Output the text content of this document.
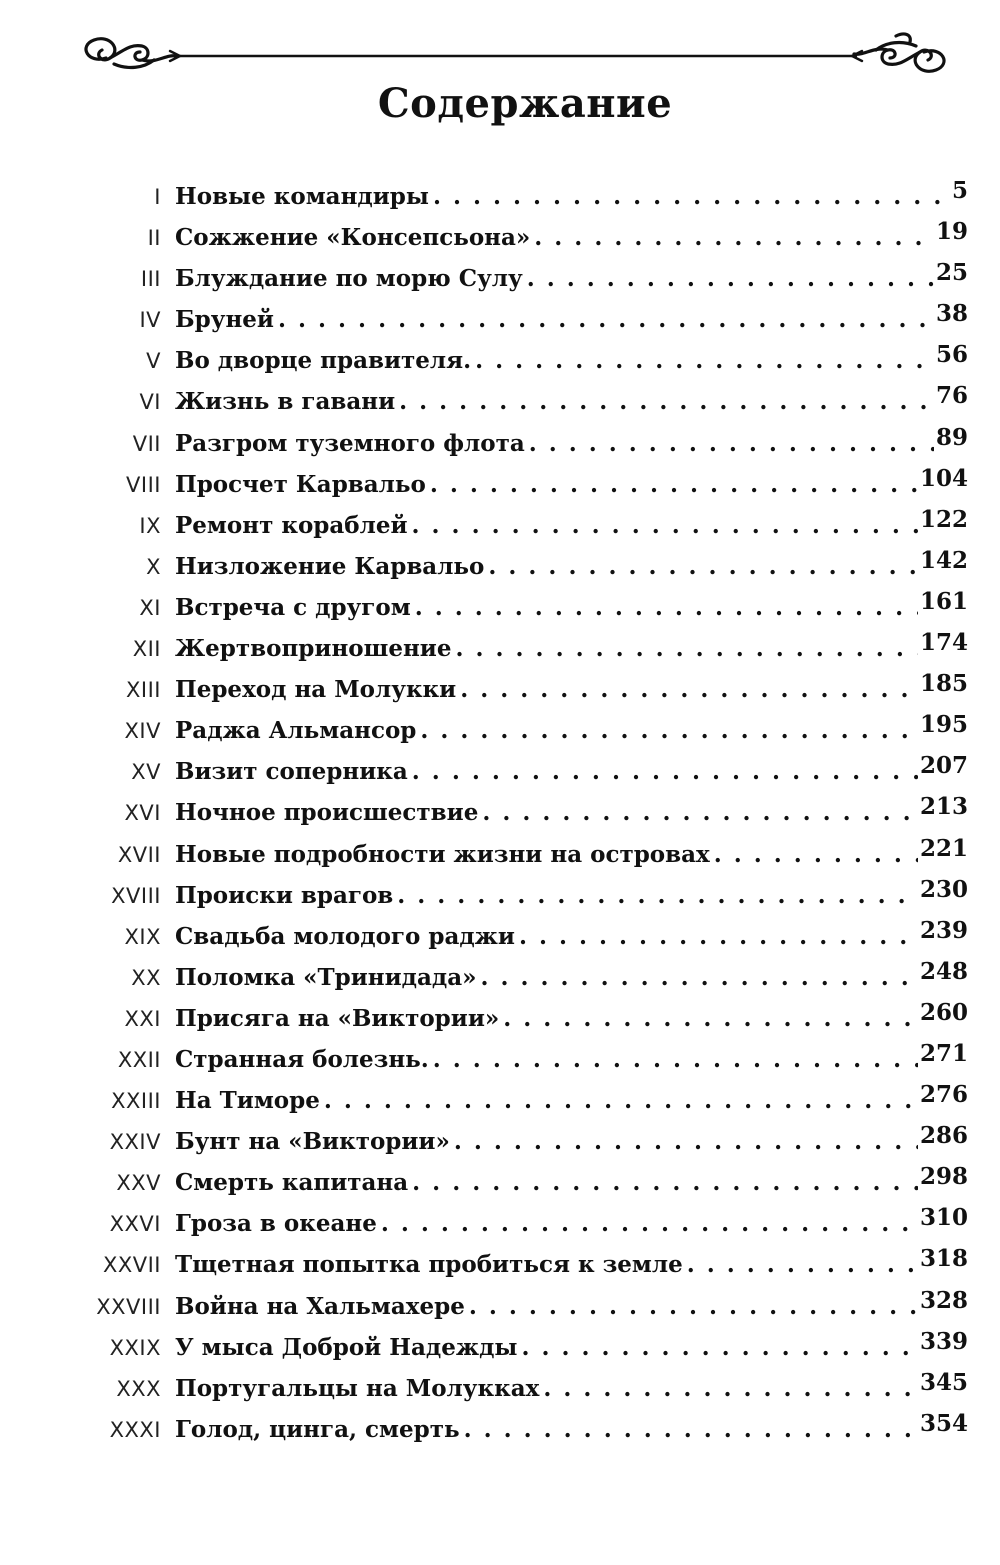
Содержание
I Новые командиры . . .	5
II Сожжение «Консепсьона» . . .	19
III Блуждание по морю Сулу . . .	25
IV Бруней . . .	38
V Во дворце правителя. . . .	56
VI Жизнь в гавани . . .	76
VII Разгром туземного флота . . .	89
VIII Просчет Карвальо . . .	104
IX Ремонт кораблей . . .	122
X Низложение Карвальо . . .	142
XI Встреча с другом . . .	161
XII Жертвоприношение . . .	174
XIII Переход на Молукки . . .	185
XIV Раджа Альмансор . . .	195
XV Визит соперника . . .	207
XVI Ночное происшествие . . .	213
XVII Новые подробности жизни на островах . . .	221
XVIII Происки врагов . . .	230
XIX Свадьба молодого раджи . . .	239
XX Поломка «Тринидада» . . .	248
XXI Присяга на «Виктории» . . .	260
XXII Странная болезнь. . . .	271
XXIII На Тиморе . . .	276
XXIV Бунт на «Виктории» . . .	286
XXV Смерть капитана . . .	298
XXVI Гроза в океане . . .	310
XXVII Тщетная попытка пробиться к земле . . .	318
XXVIII Война на Хальмахере . . .	328
XXIX У мыса Доброй Надежды . . .	339
XXX Португальцы на Молукках . . .	345
XXXI Голод, цинга, смерть . . .	354
